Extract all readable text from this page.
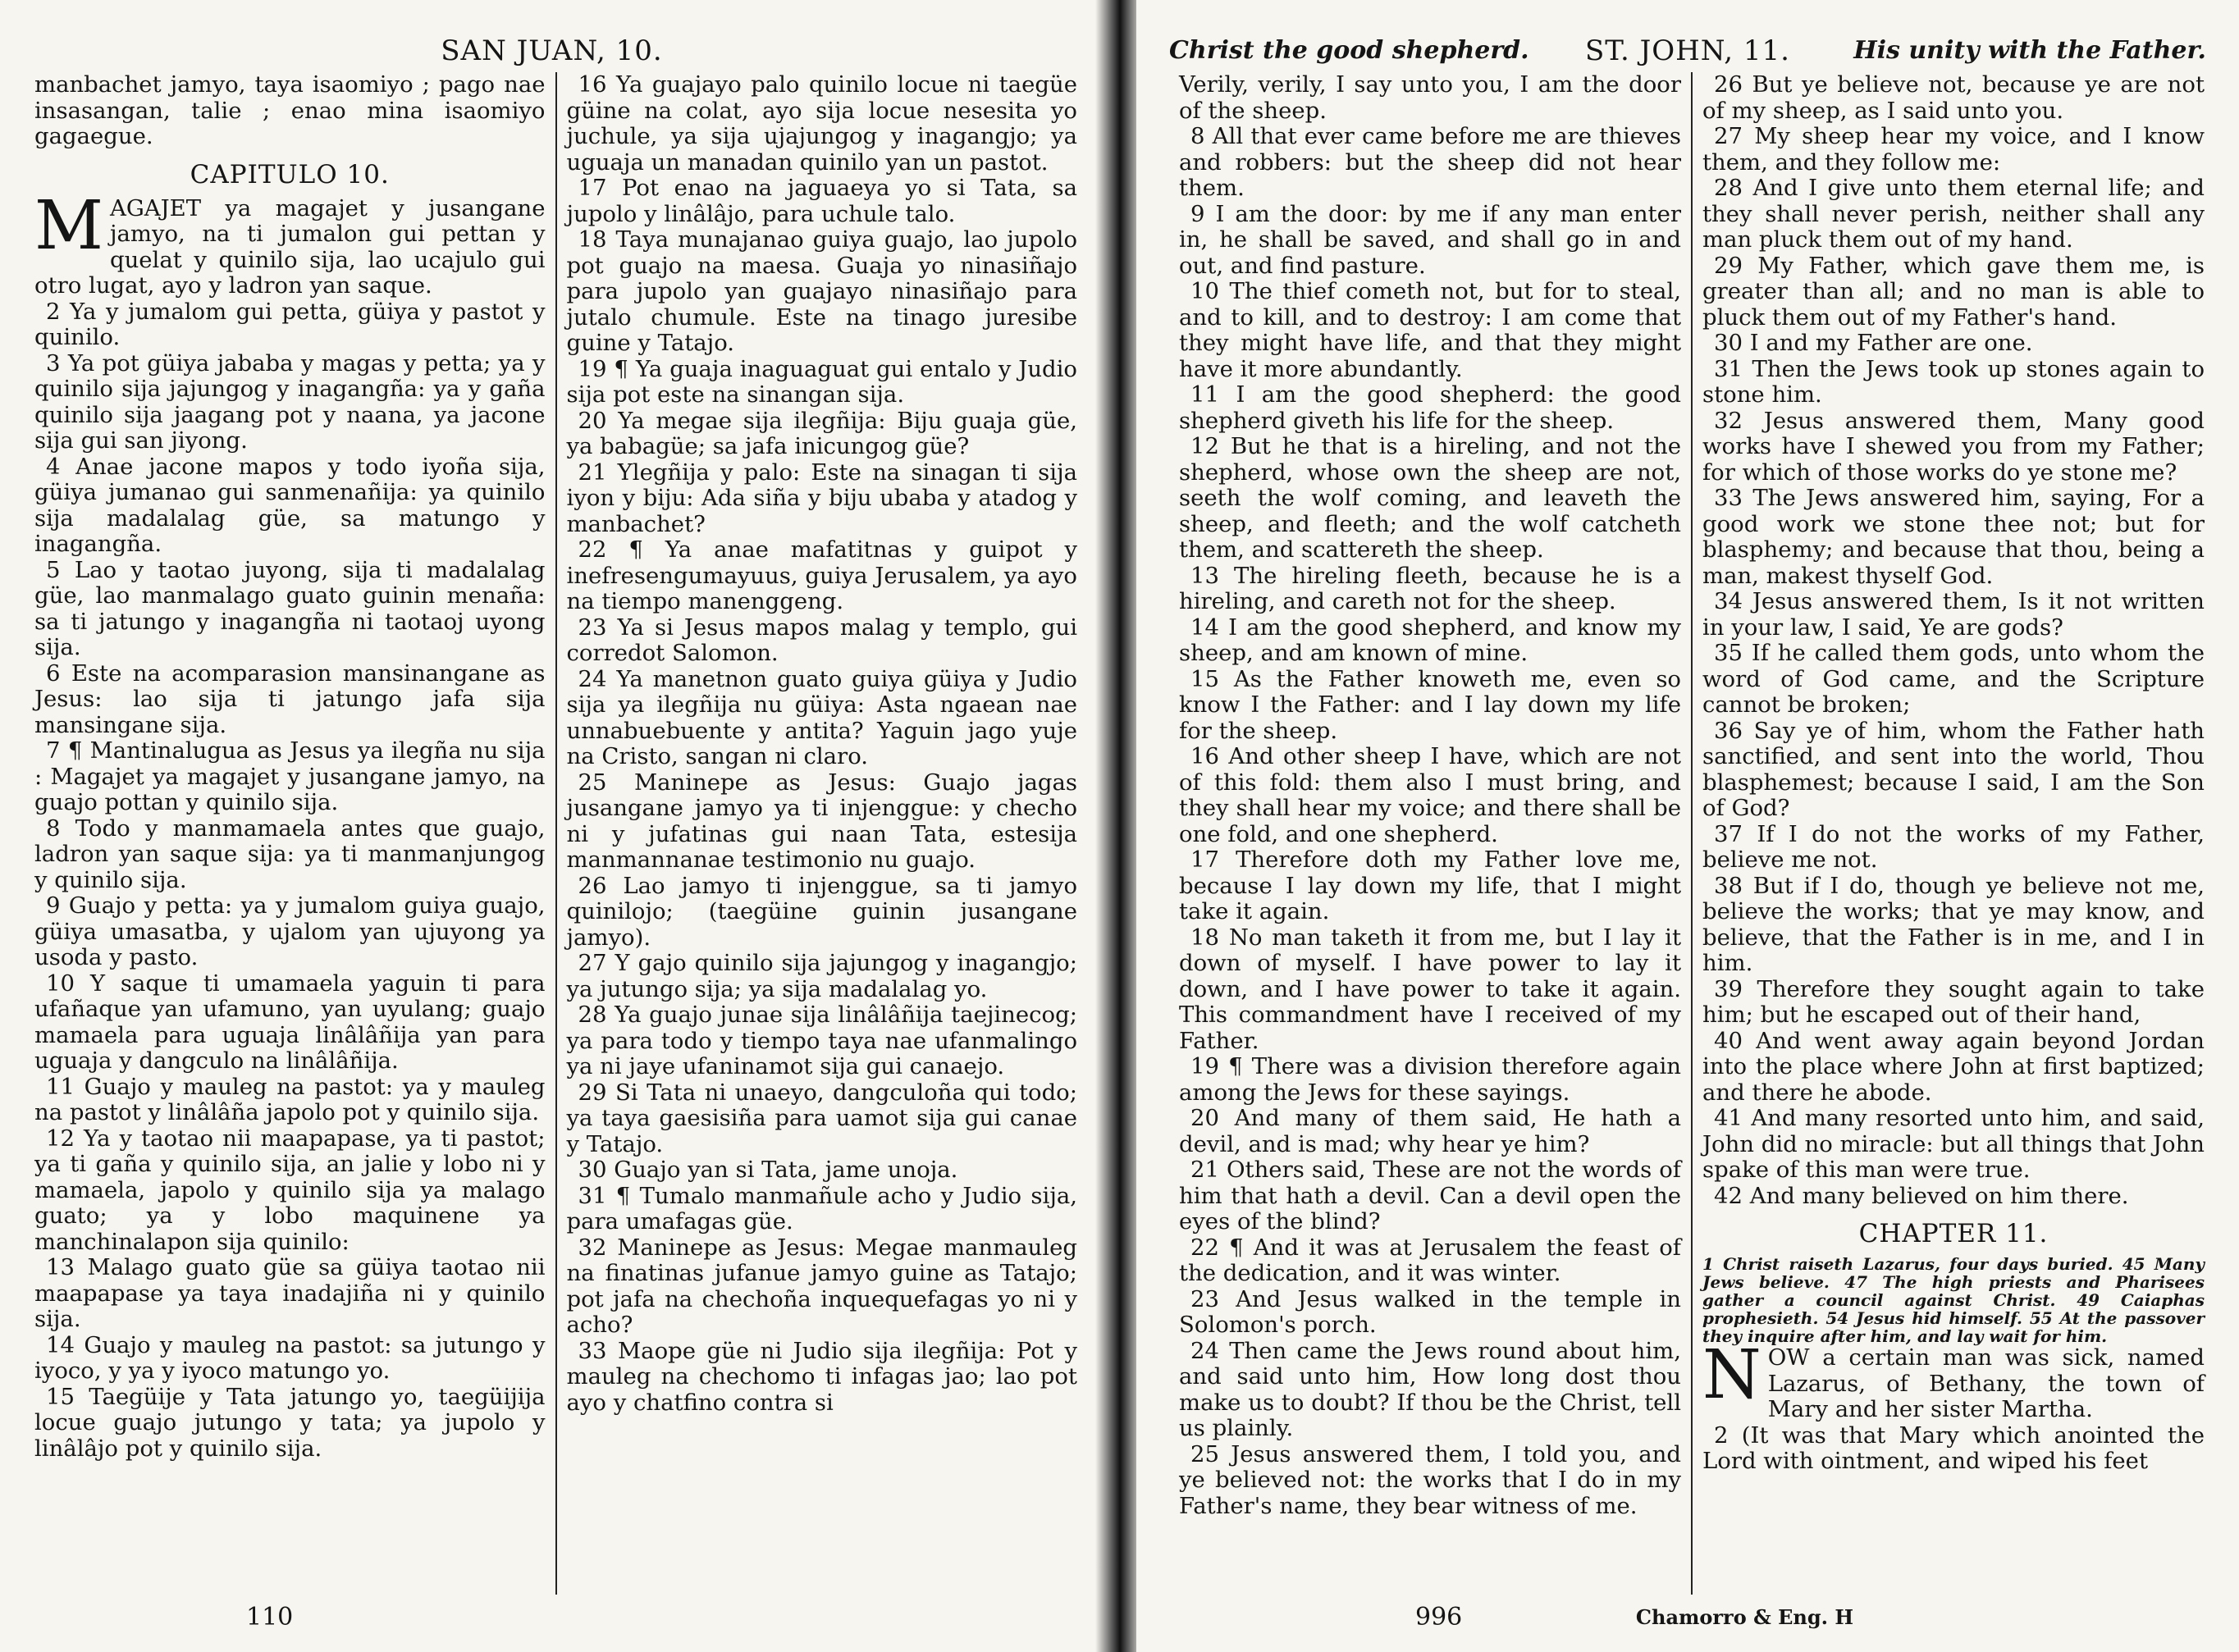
SAN JUAN, 10.

manbachet jamyo, taya isaomiyo ; pago nae insasangan, talie ; enao mina isaomiyo gagaegue.

CAPITULO 10.

MAGAJET ya magajet y jusangane jamyo, na ti jumalon gui pettan y quelat y quinilo sija, lao ucajulo gui otro lugat, ayo y ladron yan saque.

2 Ya y jumalom gui petta, güiya y pastot y quinilo.

3 Ya pot güiya jababa y magas y petta; ya y quinilo sija jajungog y inagangña: ya y gaña quinilo sija jaagang pot y naana, ya jacone sija gui san jiyong.

4 Anae jacone mapos y todo iyoña sija, güiya jumanao gui sanmenañija: ya quinilo sija madalalag güe, sa matungo y inagangña.

5 Lao y taotao juyong, sija ti madalalag güe, lao manmalago guato guinin menaña: sa ti jatungo y inagangña ni taotaoj uyong sija.

6 Este na acomparasion mansinangane as Jesus: lao sija ti jatungo jafa sija mansingane sija.

7 ¶ Mantinalugua as Jesus ya ilegña nu sija : Magajet ya magajet y jusangane jamyo, na guajo pottan y quinilo sija.

8 Todo y manmamaela antes que guajo, ladron yan saque sija: ya ti manmanjungog y quinilo sija.

9 Guajo y petta: ya y jumalom guiya guajo, güiya umasatba, y ujalom yan ujuyong ya usoda y pasto.

10 Y saque ti umamaela yaguin ti para ufañaque yan ufamuno, yan uyulang; guajo mamaela para uguaja linâlâñija yan para uguaja y dangculo na linâlâñija.

11 Guajo y mauleg na pastot: ya y mauleg na pastot y linâlâña japolo pot y quinilo sija.

12 Ya y taotao nii maapapase, ya ti pastot; ya ti gaña y quinilo sija, an jalie y lobo ni y mamaela, japolo y quinilo sija ya malago guato; ya y lobo maquinene ya manchinalapon sija quinilo:

13 Malago guato güe sa güiya taotao nii maapapase ya taya inadajiña ni y quinilo sija.

14 Guajo y mauleg na pastot: sa jutungo y iyoco, y ya y iyoco matungo yo.

15 Taegüije y Tata jatungo yo, taegüijija locue guajo jutungo y tata; ya jupolo y linâlâjo pot y quinilo sija.

16 Ya guajayo palo quinilo locue ni taegüe güine na colat, ayo sija locue nesesita yo juchule, ya sija ujajungog y inagangjo; ya uguaja un manadan quinilo yan un pastot.

17 Pot enao na jaguaeya yo si Tata, sa jupolo y linâlâjo, para uchule talo.

18 Taya munajanao guiya guajo, lao jupolo pot guajo na maesa. Guaja yo ninasiñajo para jupolo yan guajayo ninasiñajo para jutalo chumule. Este na tinago juresibe guine y Tatajo.

19 ¶ Ya guaja inaguaguat gui entalo y Judio sija pot este na sinangan sija.

20 Ya megae sija ilegñija: Biju guaja güe, ya babagüe; sa jafa inicungog güe?

21 Ylegñija y palo: Este na sinagan ti sija iyon y biju: Ada siña y biju ubaba y atadog y manbachet?

22 ¶ Ya anae mafatitnas y guipot y inefresengumayuus, guiya Jerusalem, ya ayo na tiempo manenggeng.

23 Ya si Jesus mapos malag y templo, gui corredot Salomon.

24 Ya manetnon guato guiya güiya y Judio sija ya ilegñija nu güiya: Asta ngaean nae unnabuebuente y antita? Yaguin jago yuje na Cristo, sangan ni claro.

25 Maninepe as Jesus: Guajo jagas jusangane jamyo ya ti injenggue: y checho ni y jufatinas gui naan Tata, estesija manmannanae testimonio nu guajo.

26 Lao jamyo ti injenggue, sa ti jamyo quinilojo; (taegüine guinin jusangane jamyo).

27 Y gajo quinilo sija jajungog y inagangjo; ya jutungo sija; ya sija madalalag yo.

28 Ya guajo junae sija linâlâñija taejinecog; ya para todo y tiempo taya nae ufanmalingo ya ni jaye ufaninamot sija gui canaejo.

29 Si Tata ni unaeyo, dangculoña qui todo; ya taya gaesisiña para uamot sija gui canae y Tatajo.

30 Guajo yan si Tata, jame unoja.

31 ¶ Tumalo manmañule acho y Judio sija, para umafagas güe.

32 Maninepe as Jesus: Megae manmauleg na finatinas jufanue jamyo guine as Tatajo; pot jafa na chechoña inquequefagas yo ni y acho?

33 Maope güe ni Judio sija ilegñija: Pot y mauleg na chechomo ti infagas jao; lao pot ayo y chatfino contra si

110
Christ the good shepherd.	ST. JOHN, 11.	His unity with the Father.

Verily, verily, I say unto you, I am the door of the sheep.

8 All that ever came before me are thieves and robbers: but the sheep did not hear them.

9 I am the door: by me if any man enter in, he shall be saved, and shall go in and out, and find pasture.

10 The thief cometh not, but for to steal, and to kill, and to destroy: I am come that they might have life, and that they might have it more abundantly.

11 I am the good shepherd: the good shepherd giveth his life for the sheep.

12 But he that is a hireling, and not the shepherd, whose own the sheep are not, seeth the wolf coming, and leaveth the sheep, and fleeth; and the wolf catcheth them, and scattereth the sheep.

13 The hireling fleeth, because he is a hireling, and careth not for the sheep.

14 I am the good shepherd, and know my sheep, and am known of mine.

15 As the Father knoweth me, even so know I the Father: and I lay down my life for the sheep.

16 And other sheep I have, which are not of this fold: them also I must bring, and they shall hear my voice; and there shall be one fold, and one shepherd.

17 Therefore doth my Father love me, because I lay down my life, that I might take it again.

18 No man taketh it from me, but I lay it down of myself. I have power to lay it down, and I have power to take it again. This commandment have I received of my Father.

19 ¶ There was a division therefore again among the Jews for these sayings.

20 And many of them said, He hath a devil, and is mad; why hear ye him?

21 Others said, These are not the words of him that hath a devil. Can a devil open the eyes of the blind?

22 ¶ And it was at Jerusalem the feast of the dedication, and it was winter.

23 And Jesus walked in the temple in Solomon's porch.

24 Then came the Jews round about him, and said unto him, How long dost thou make us to doubt? If thou be the Christ, tell us plainly.

25 Jesus answered them, I told you, and ye believed not: the works that I do in my Father's name, they bear witness of me.

26 But ye believe not, because ye are not of my sheep, as I said unto you.

27 My sheep hear my voice, and I know them, and they follow me:

28 And I give unto them eternal life; and they shall never perish, neither shall any man pluck them out of my hand.

29 My Father, which gave them me, is greater than all; and no man is able to pluck them out of my Father's hand.

30 I and my Father are one.

31 Then the Jews took up stones again to stone him.

32 Jesus answered them, Many good works have I shewed you from my Father; for which of those works do ye stone me?

33 The Jews answered him, saying, For a good work we stone thee not; but for blasphemy; and because that thou, being a man, makest thyself God.

34 Jesus answered them, Is it not written in your law, I said, Ye are gods?

35 If he called them gods, unto whom the word of God came, and the Scripture cannot be broken;

36 Say ye of him, whom the Father hath sanctified, and sent into the world, Thou blasphemest; because I said, I am the Son of God?

37 If I do not the works of my Father, believe me not.

38 But if I do, though ye believe not me, believe the works; that ye may know, and believe, that the Father is in me, and I in him.

39 Therefore they sought again to take him; but he escaped out of their hand,

40 And went away again beyond Jordan into the place where John at first baptized; and there he abode.

41 And many resorted unto him, and said, John did no miracle: but all things that John spake of this man were true.

42 And many believed on him there.

CHAPTER 11.

1 Christ raiseth Lazarus, four days buried. 45 Many Jews believe. 47 The high priests and Pharisees gather a council against Christ. 49 Caiaphas prophesieth. 54 Jesus hid himself. 55 At the passover they inquire after him, and lay wait for him.

NOW a certain man was sick, named Lazarus, of Bethany, the town of Mary and her sister Martha.

2 (It was that Mary which anointed the Lord with ointment, and wiped his feet

996	Chamorro & Eng. H
